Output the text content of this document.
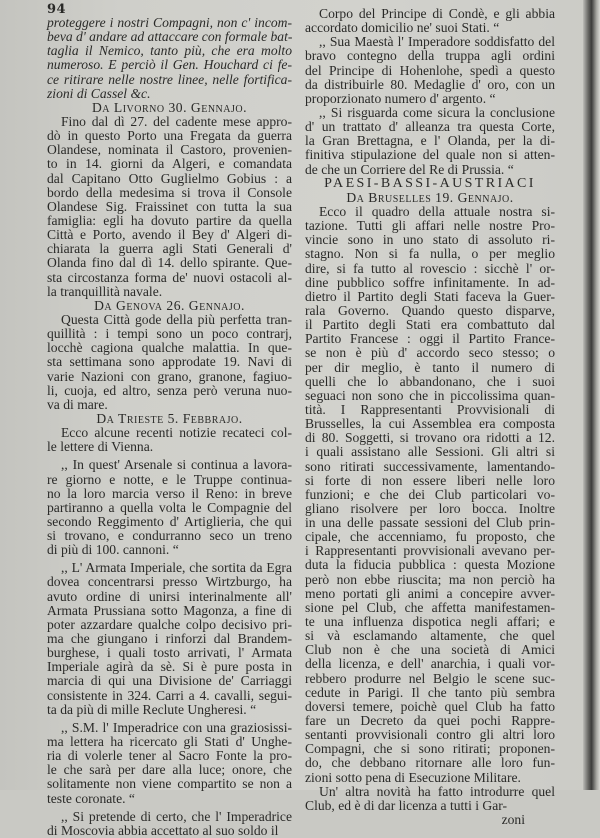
94
proteggere i nostri Compagni, non c' incom-
beva d' andare ad attaccare con formale bat-
taglia il Nemico, tanto più, che era molto
numeroso. E perciò il Gen. Houchard ci fe-
ce ritirare nelle nostre linee, nelle fortifica-
zioni di Cassel &c.
Da Livorno 30. Gennajo.
Fino dal dì 27. del cadente mese appro-
dò in questo Porto una Fregata da guerra
Olandese, nominata il Castoro, provenien-
to in 14. giorni da Algeri, e comandata
dal Capitano Otto Guglielmo Gobius : a
bordo della medesima si trova il Console
Olandese Sig. Fraissinet con tutta la sua
famiglia: egli ha dovuto partire da quella
Città e Porto, avendo il Bey d' Algeri di-
chiarata la guerra agli Stati Generali d'
Olanda fino dal dì 14. dello spirante. Que-
sta circostanza forma de' nuovi ostacoli al-
la tranquillità navale.
Da Genova 26. Gennajo.
Questa Città gode della più perfetta tran-
quillità : i tempi sono un poco contrarj,
locchè cagiona qualche malattia. In que-
sta settimana sono approdate 19. Navi di
varie Nazioni con grano, granone, fagiuo-
li, cuoja, ed altro, senza però veruna nuo-
va di mare.
Da Trieste 5. Febbrajo.
Ecco alcune recenti notizie recateci col-
le lettere di Vienna.
,, In quest' Arsenale si continua a lavora-
re giorno e notte, e le Truppe continua-
no la loro marcia verso il Reno: in breve
partiranno a quella volta le Compagnie del
secondo Reggimento d' Artiglieria, che qui
si trovano, e condurranno seco un treno
di più di 100. cannoni. “
,, L' Armata Imperiale, che sortita da Egra
dovea concentrarsi presso Wirtzburgo, ha
avuto ordine di unirsi interinalmente all'
Armata Prussiana sotto Magonza, a fine di
poter azzardare qualche colpo decisivo pri-
ma che giungano i rinforzi dal Brandem-
burghese, i quali tosto arrivati, l' Armata
Imperiale agirà da sè. Si è pure posta in
marcia di qui una Divisione de' Carriaggi
consistente in 324. Carri a 4. cavalli, segui-
ta da più di mille Reclute Ungheresi. “
,, S.M. l' Imperadrice con una graziosissi-
ma lettera ha ricercato gli Stati d' Unghe-
ria di volerle tener al Sacro Fonte la pro-
le che sarà per dare alla luce; onore, che
solitamente non viene compartito se non a
teste coronate. “
,, Si pretende di certo, che l' Imperadrice
di Moscovia abbia accettato al suo soldo il
Corpo del Principe di Condè, e gli abbia
accordato domicilio ne' suoi Stati. “
,, Sua Maestà l' Imperadore soddisfatto del
bravo contegno della truppa agli ordini
del Principe di Hohenlohe, spedì a questo
da distribuirle 80. Medaglie d' oro, con un
proporzionato numero d' argento. “
,, Si risguarda come sicura la conclusione
d' un trattato d' alleanza tra questa Corte,
la Gran Brettagna, e l' Olanda, per la di-
finitiva stipulazione del quale non si atten-
de che un Corriere del Re di Prussia. “
PAESI-BASSI-AUSTRIACI
Da Bruselles 19. Gennajo.
Ecco il quadro della attuale nostra si-
tazione. Tutti gli affari nelle nostre Pro-
vincie sono in uno stato di assoluto ri-
stagno. Non si fa nulla, o per meglio
dire, si fa tutto al rovescio : sicchè l' or-
dine pubblico soffre infinitamente. In ad-
dietro il Partito degli Stati faceva la Guer-
rala Governo. Quando questo disparve,
il Partito degli Stati era combattuto dal
Partito Francese : oggi il Partito France-
se non è più d' accordo seco stesso; o
per dir meglio, è tanto il numero di
quelli che lo abbandonano, che i suoi
seguaci non sono che in piccolissima quan-
tità. I Rappresentanti Provvisionali di
Brusselles, la cui Assemblea era composta
di 80. Soggetti, si trovano ora ridotti a 12.
i quali assistano alle Sessioni. Gli altri si
sono ritirati successivamente, lamentando-
si forte di non essere liberi nelle loro
funzioni; e che dei Club particolari vo-
gliano risolvere per loro bocca. Inoltre
in una delle passate sessioni del Club prin-
cipale, che accenniamo, fu proposto, che
i Rappresentanti provvisionali avevano per-
duta la fiducia pubblica : questa Mozione
però non ebbe riuscita; ma non perciò ha
meno portati gli animi a concepire avver-
sione pel Club, che affetta manifestamen-
te una influenza dispotica negli affari; e
si và esclamando altamente, che quel
Club non è che una società di Amici
della licenza, e dell' anarchia, i quali vor-
rebbero produrre nel Belgio le scene suc-
cedute in Parigi. Il che tanto più sembra
doversi temere, poichè quel Club ha fatto
fare un Decreto da quei pochi Rappre-
sentanti provvisionali contro gli altri loro
Compagni, che si sono ritirati; proponen-
do, che debbano ritornare alle loro fun-
zioni sotto pena di Esecuzione Militare.
Un' altra novità ha fatto introdurre quel
Club, ed è di dar licenza a tutti i Gar-
zoni
